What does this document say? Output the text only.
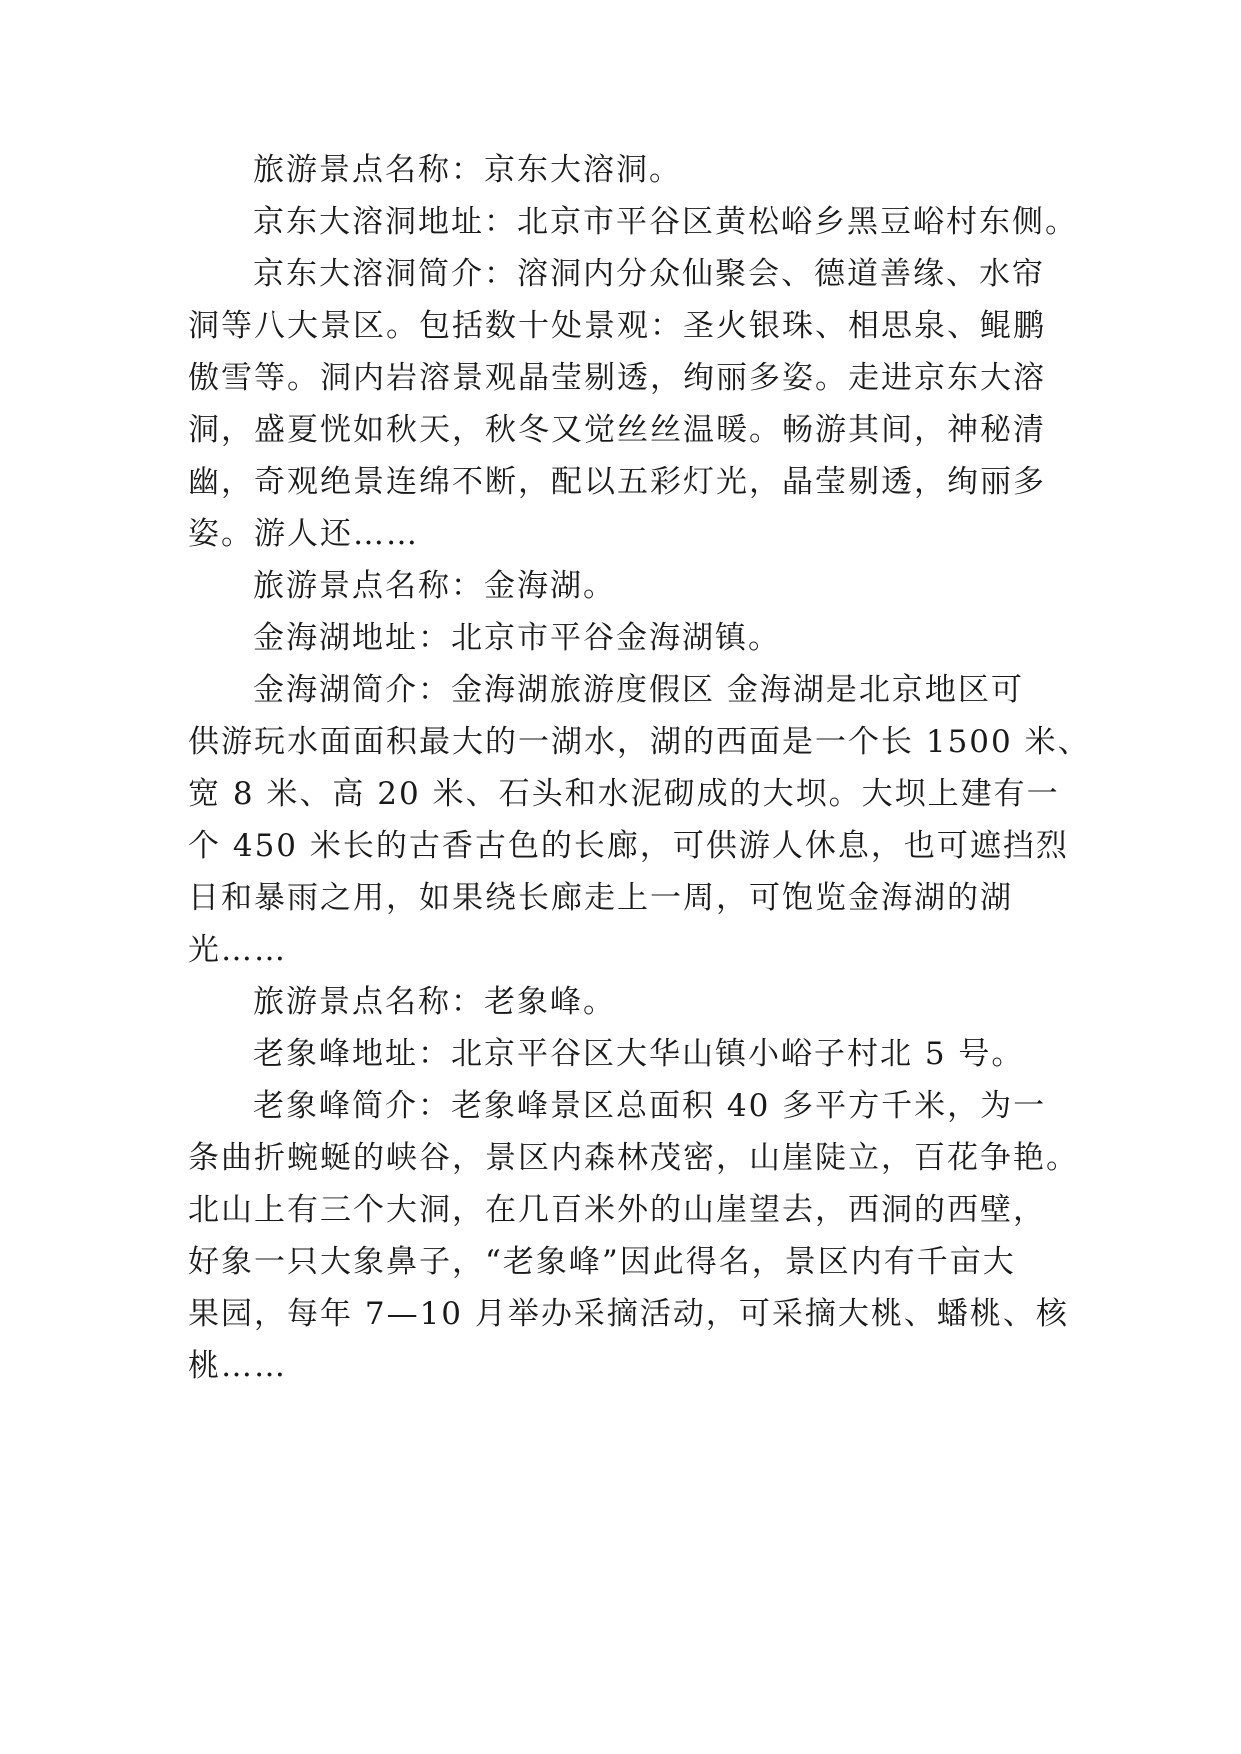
旅游景点名称：京东大溶洞。
京东大溶洞地址：北京市平谷区黄松峪乡黑豆峪村东侧。
京东大溶洞简介：溶洞内分众仙聚会、德道善缘、水帘
洞等八大景区。包括数十处景观：圣火银珠、相思泉、鲲鹏
傲雪等。洞内岩溶景观晶莹剔透，绚丽多姿。走进京东大溶
洞，盛夏恍如秋天，秋冬又觉丝丝温暖。畅游其间，神秘清
幽，奇观绝景连绵不断，配以五彩灯光，晶莹剔透，绚丽多
姿。游人还……
旅游景点名称：金海湖。
金海湖地址：北京市平谷金海湖镇。
金海湖简介：金海湖旅游度假区 金海湖是北京地区可
供游玩水面面积最大的一湖水，湖的西面是一个长 1500 米、
宽 8 米、高 20 米、石头和水泥砌成的大坝。大坝上建有一
个 450 米长的古香古色的长廊，可供游人休息，也可遮挡烈
日和暴雨之用，如果绕长廊走上一周，可饱览金海湖的湖
光……
旅游景点名称：老象峰。
老象峰地址：北京平谷区大华山镇小峪子村北 5 号。
老象峰简介：老象峰景区总面积 40 多平方千米，为一
条曲折蜿蜒的峡谷，景区内森林茂密，山崖陡立，百花争艳。
北山上有三个大洞，在几百米外的山崖望去，西洞的西壁，
好象一只大象鼻子，“老象峰”因此得名，景区内有千亩大
果园，每年 7—10 月举办采摘活动，可采摘大桃、蟠桃、核
桃……
